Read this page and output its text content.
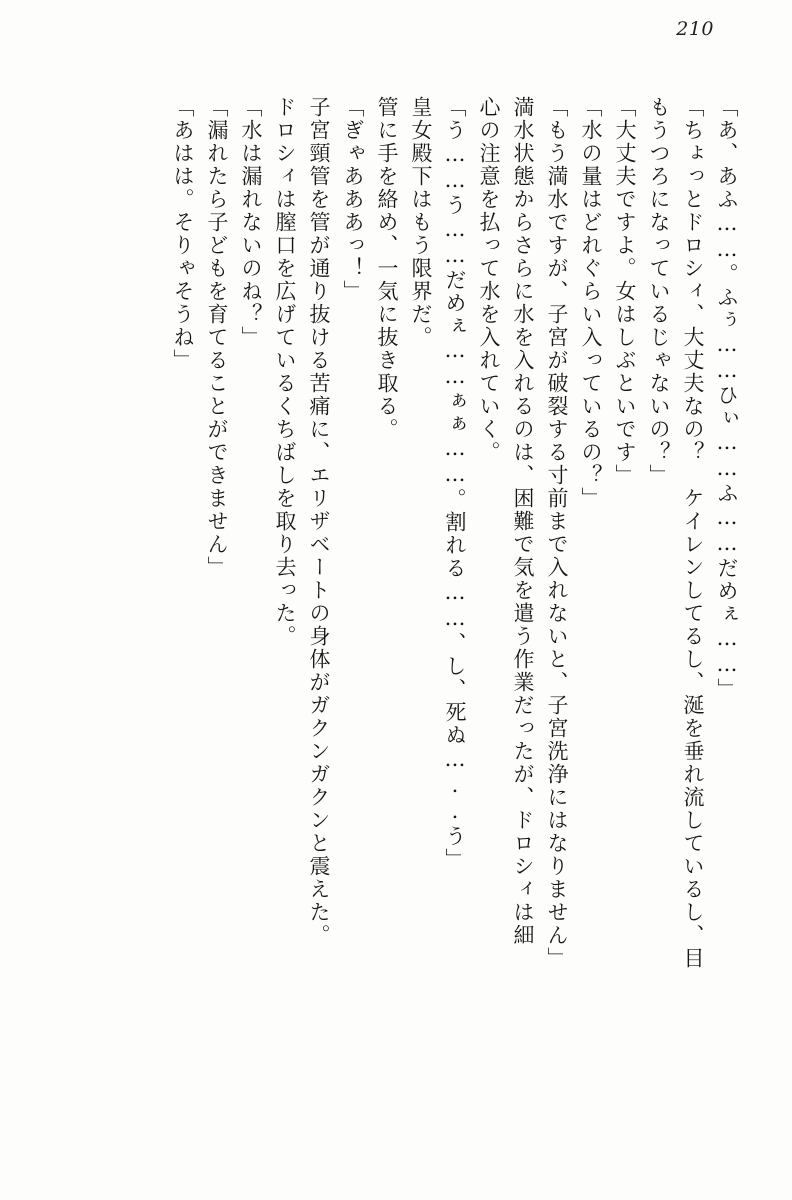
210
「あ、あふ……。ふぅ……ひぃ……ふ……だめぇ……」
「ちょっとドロシィ、大丈夫なの？　ケイレンしてるし、涎を垂れ流しているし、目
もうつろになっているじゃないの？」
「大丈夫ですよ。女はしぶといです」
「水の量はどれぐらい入っているの？」
「もう満水ですが、子宮が破裂する寸前まで入れないと、子宮洗浄にはなりません」
満水状態からさらに水を入れるのは、困難で気を遣う作業だったが、ドロシィは細
心の注意を払って水を入れていく。
「う……う……だめぇ……ぁぁ……。割れる……、し、死ぬ…..う」
皇女殿下はもう限界だ。
管に手を絡め、一気に抜き取る。
「ぎゃあああっ！」
子宮頸管を管が通り抜ける苦痛に、エリザベートの身体がガクンガクンと震えた。
ドロシィは膣口を広げているくちばしを取り去った。
「水は漏れないのね？」
「漏れたら子どもを育てることができません」
「あはは。そりゃそうね」
